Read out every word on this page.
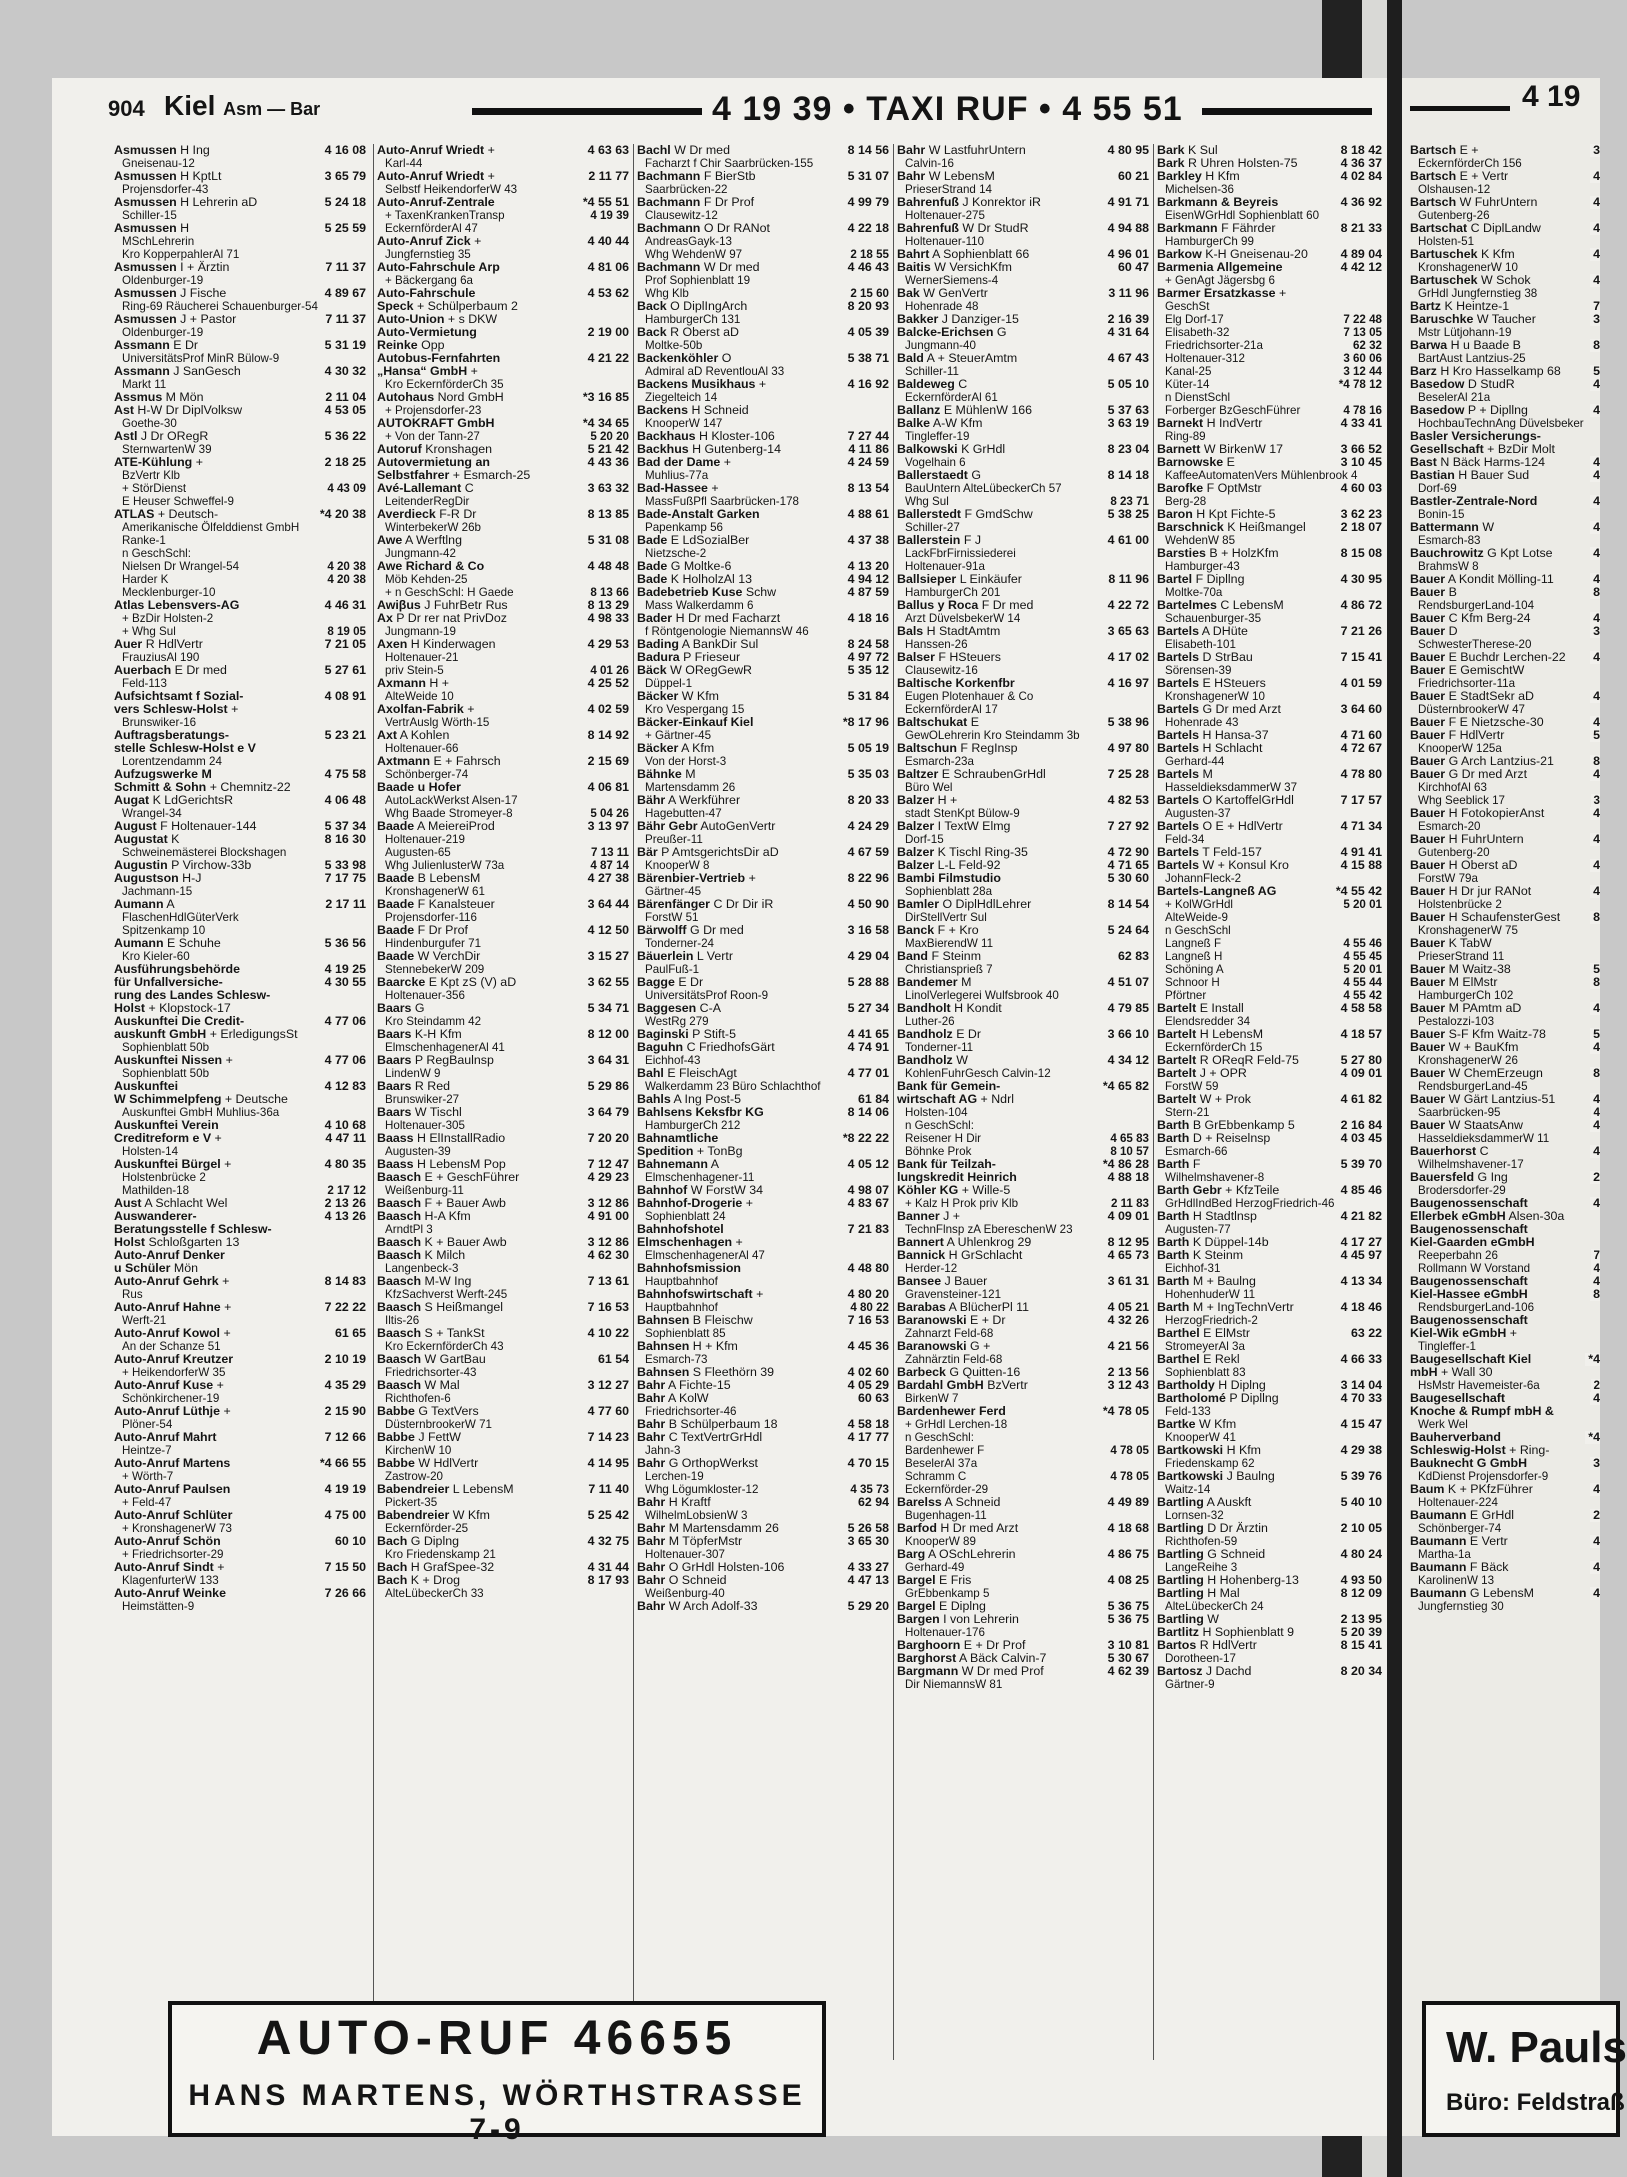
904 Kiel Asm — Bar	4 19 39 • TAXI RUF • 4 55 51
Asmussen H Ing	4 16 08
Gneisenau-12
Asmussen H KptLt	3 65 79
Projensdorfer-43
Asmussen H Lehrerin aD	5 24 18
Schiller-15
Asmussen H	5 25 59
MSchLehrerin
Kro KopperpahlerAl 71
Asmussen I + Ärztin	7 11 37
Oldenburger-19
Asmussen J Fische	4 89 67
Ring-69 Räucherei Schauenburger-54
Asmussen J + Pastor	7 11 37
Oldenburger-19
Assmann E Dr	5 31 19
UniversitätsProf MinR Bülow-9
Assmann J SanGesch	4 30 32
Markt 11
Assmus M Mön	2 11 04
Ast H-W Dr DiplVolksw	4 53 05
Goethe-30
Astl J Dr ORegR	5 36 22
SternwartenW 39
ATE-Kühlung +	2 18 25
BzVertr Klb
+ StörDienst	4 43 09
E Heuser Schweffel-9
ATLAS + Deutsch-	*4 20 38
Amerikanische Ölfelddienst GmbH
Ranke-1
n GeschSchl:
Nielsen Dr Wrangel-54	4 20 38
Harder K	4 20 38
Mecklenburger-10
Atlas Lebensvers-AG	4 46 31
+ BzDir Holsten-2
+ Whg Sul	8 19 05
Auer R HdlVertr	7 21 05
FrauziusAl 190
Auerbach E Dr med	5 27 61
Feld-113
Aufsichtsamt f Sozial-	4 08 91
vers Schlesw-Holst +
Brunswiker-16
Auftragsberatungs-	5 23 21
stelle Schlesw-Holst e V
Lorentzendamm 24
Aufzugswerke M	4 75 58
Schmitt & Sohn + Chemnitz-22
Augat K LdGerichtsR	4 06 48
Wrangel-34
August F Holtenauer-144	5 37 34
Augustat K	8 16 30
Schweinemästerei Blockshagen
Augustin P Virchow-33b	5 33 98
Augustson H-J	7 17 75
Jachmann-15
Aumann A	2 17 11
FlaschenHdlGüterVerk
Spitzenkamp 10
Aumann E Schuhe	5 36 56
Kro Kieler-60
Ausführungsbehörde	4 19 25
für Unfallversiche-	4 30 55
rung des Landes Schlesw-
Holst + Klopstock-17
Auskunftei Die Credit-	4 77 06
auskunft GmbH + ErledigungsSt
Sophienblatt 50b
Auskunftei Nissen +	4 77 06
Sophienblatt 50b
Auskunftei	4 12 83
W Schimmelpfeng + Deutsche
Auskunftei GmbH Muhlius-36a
Auskunftei Verein	4 10 68
Creditreform e V +	4 47 11
Holsten-14
Auskunftei Bürgel +	4 80 35
Holstenbrücke 2
Mathilden-18	2 17 12
Aust A Schlacht Wel	2 13 26
Auswanderer-	4 13 26
Beratungsstelle f Schlesw-
Holst Schloßgarten 13
Auto-Anruf Denker
u Schüler Mön
Auto-Anruf Gehrk +	8 14 83
Rus
Auto-Anruf Hahne +	7 22 22
Werft-21
Auto-Anruf Kowol +	61 65
An der Schanze 51
Auto-Anruf Kreutzer	2 10 19
+ HeikendorferW 35
Auto-Anruf Kuse +	4 35 29
Schönkirchener-19
Auto-Anruf Lüthje +	2 15 90
Plöner-54
Auto-Anruf Mahrt	7 12 66
Heintze-7
Auto-Anruf Martens	*4 66 55
+ Wörth-7
Auto-Anruf Paulsen	4 19 19
+ Feld-47
Auto-Anruf Schlüter	4 75 00
+ KronshagenerW 73
Auto-Anruf Schön	60 10
+ Friedrichsorter-29
Auto-Anruf Sindt +	7 15 50
KlagenfurterW 133
Auto-Anruf Weinke	7 26 66
Heimstätten-9
Auto-Anruf Wriedt +	4 63 63
Karl-44
Auto-Anruf Wriedt +	2 11 77
Selbstf HeikendorferW 43
Auto-Anruf-Zentrale	*4 55 51
+ TaxenKrankenTransp	4 19 39
EckernförderAl 47
Auto-Anruf Zick +	4 40 44
Jungfernstieg 35
Auto-Fahrschule Arp	4 81 06
+ Bäckergang 6a
Auto-Fahrschule	4 53 62
Speck + Schülperbaum 2
Auto-Union + s DKW
Auto-Vermietung	2 19 00
Reinke Opp
Autobus-Fernfahrten	4 21 22
„Hansa“ GmbH +
Kro EckernförderCh 35
Autohaus Nord GmbH	*3 16 85
+ Projensdorfer-23
AUTOKRAFT GmbH	*4 34 65
+ Von der Tann-27	5 20 20
Autoruf Kronshagen	5 21 42
Autovermietung an	4 43 36
Selbstfahrer + Esmarch-25
Avé-Lallemant C	3 63 32
LeitenderRegDir
Averdieck F-R Dr	8 13 85
WinterbekerW 26b
Awe A Werftlng	5 31 08
Jungmann-42
Awe Richard & Co	4 48 48
Möb Kehden-25
+ n GeschSchl: H Gaede	8 13 66
Awiβus J FuhrBetr Rus	8 13 29
Ax P Dr rer nat PrivDoz	4 98 33
Jungmann-19
Axen H Kinderwagen	4 29 53
Holtenauer-21
priv Stein-5	4 01 26
Axmann H +	4 25 52
AlteWeide 10
Axolfan-Fabrik +	4 02 59
VertrAuslg Wörth-15
Axt A Kohlen	8 14 92
Holtenauer-66
Axtmann E + Fahrsch	2 15 69
Schönberger-74
Baade u Hofer	4 06 81
AutoLackWerkst Alsen-17
Whg Baade Stromeyer-8	5 04 26
Baade A MeiereiProd	3 13 97
Holtenauer-219
Augusten-65	7 13 11
Whg JulienlusterW 73a	4 87 14
Baade B LebensM	4 27 38
KronshagenerW 61
Baade F Kanalsteuer	3 64 44
Projensdorfer-116
Baade F Dr Prof	4 12 50
Hindenburgufer 71
Baade W VerchDir	3 15 27
StennebekerW 209
Baarcke E Kpt zS (V) aD	3 62 55
Holtenauer-356
Baars G	5 34 71
Kro Steindamm 42
Baars K-H Kfm	8 12 00
ElmschenhagenerAl 41
Baars P RegBaulnsp	3 64 31
LindenW 9
Baars R Red	5 29 86
Brunswiker-27
Baars W Tischl	3 64 79
Holtenauer-305
Baass H ElInstallRadio	7 20 20
Augusten-39
Baass H LebensM Pop	7 12 47
Baasch E + GeschFührer	4 29 23
Weißenburg-11
Baasch F + Bauer Awb	3 12 86
Baasch H-A Kfm	4 91 00
ArndtPl 3
Baasch K + Bauer Awb	3 12 86
Baasch K Milch	4 62 30
Langenbeck-3
Baasch M-W Ing	7 13 61
KfzSachverst Werft-245
Baasch S Heißmangel	7 16 53
Iltis-26
Baasch S + TankSt	4 10 22
Kro EckernförderCh 43
Baasch W GartBau	61 54
Friedrichsorter-43
Baasch W Mal	3 12 27
Richthofen-6
Babbe G TextVers	4 77 60
DüsternbrookerW 71
Babbe J FettW	7 14 23
KirchenW 10
Babbe W HdlVertr	4 14 95
Zastrow-20
Babendreier L LebensM	7 11 40
Pickert-35
Babendreier W Kfm	5 25 42
Eckernförder-25
Bach G Diplng	4 32 75
Kro Friedenskamp 21
Bach H GrafSpee-32	4 31 44
Bach K + Drog	8 17 93
AlteLübeckerCh 33
Bachl W Dr med	8 14 56
Facharzt f Chir Saarbrücken-155
Bachmann F BierStb	5 31 07
Saarbrücken-22
Bachmann F Dr Prof	4 99 79
Clausewitz-12
Bachmann O Dr RANot	4 22 18
AndreasGayk-13
Whg WehdenW 97	2 18 55
Bachmann W Dr med	4 46 43
Prof Sophienblatt 19
Whg Klb	2 15 60
Back O DiplIngArch	8 20 93
HamburgerCh 131
Back R Oberst aD	4 05 39
Moltke-50b
Backenköhler O	5 38 71
Admiral aD ReventlouAl 33
Backens Musikhaus +	4 16 92
Ziegelteich 14
Backens H Schneid
KnooperW 147
Backhaus H Kloster-106	7 27 44
Backhus H Gutenberg-14	4 11 86
Bad der Dame +	4 24 59
Muhlius-77a
Bad-Hassee +	8 13 54
MassFußPfl Saarbrücken-178
Bade-Anstalt Garken	4 88 61
Papenkamp 56
Bade E LdSozialBer	4 37 38
Nietzsche-2
Bade G Moltke-6	4 13 20
Bade K HolholzAl 13	4 94 12
Badebetrieb Kuse Schw	4 87 59
Mass Walkerdamm 6
Bader H Dr med Facharzt	4 18 16
f Röntgenologie NiemannsW 46
Bading A BankDir Sul	8 24 58
Badura P Frieseur	4 97 72
Bäck W ORegGewR	5 35 12
Düppel-1
Bäcker W Kfm	5 31 84
Kro Vespergang 15
Bäcker-Einkauf Kiel	*8 17 96
+ Gärtner-45
Bäcker A Kfm	5 05 19
Von der Horst-3
Bähnke M	5 35 03
Martensdamm 26
Bähr A Werkführer	8 20 33
Hagebutten-47
Bähr Gebr AutoGenVertr	4 24 29
Preußer-11
Bär P AmtsgerichtsDir aD	4 67 59
KnooperW 8
Bärenbier-Vertrieb +	8 22 96
Gärtner-45
Bärenfänger C Dr Dir iR	4 50 90
ForstW 51
Bärwolff G Dr med	3 16 58
Tonderner-24
Bäuerlein L Vertr	4 29 04
PaulFuß-1
Bagge E Dr	5 28 88
UniversitätsProf Roon-9
Baggesen C-A	5 27 34
WestRg 279
Baginski P Stift-5	4 41 65
Baguhn C FriedhofsGärt	4 74 91
Eichhof-43
Bahl E FleischAgt	4 77 01
Walkerdamm 23 Büro Schlachthof
Bahls A Ing Post-5	61 84
Bahlsens Keksfbr KG	8 14 06
HamburgerCh 212
Bahnamtliche	*8 22 22
Spedition + TonBg
Bahnemann A	4 05 12
Elmschenhagener-11
Bahnhof W ForstW 34	4 98 07
Bahnhof-Drogerie +	4 83 67
Sophienblatt 24
Bahnhofshotel	7 21 83
Elmschenhagen +
ElmschenhagenerAl 47
Bahnhofsmission	4 48 80
Hauptbahnhof
Bahnhofswirtschaft +	4 80 20
Hauptbahnhof	4 80 22
Bahnsen B Fleischw	7 16 53
Sophienblatt 85
Bahnsen H + Kfm	4 45 36
Esmarch-73
Bahnsen S Fleethörn 39	4 02 60
Bahr A Fichte-15	4 05 29
Bahr A KolW	60 63
Friedrichsorter-46
Bahr B Schülperbaum 18	4 58 18
Bahr C TextVertrGrHdl	4 17 77
Jahn-3
Bahr G OrthopWerkst	4 70 15
Lerchen-19
Whg Lögumkloster-12	4 35 73
Bahr H Kraftf	62 94
WilhelmLobsienW 3
Bahr M Martensdamm 26	5 26 58
Bahr M TöpferMstr	3 65 30
Holtenauer-307
Bahr O GrHdl Holsten-106	4 33 27
Bahr O Schneid	4 47 13
Weißenburg-40
Bahr W Arch Adolf-33	5 29 20
Bahr W LastfuhrUntern	4 80 95
Calvin-16
Bahr W LebensM	60 21
PrieserStrand 14
Bahrenfuß J Konrektor iR	4 91 71
Holtenauer-275
Bahrenfuß W Dr StudR	4 94 88
Holtenauer-110
Bahrt A Sophienblatt 66	4 96 01
Baitis W VersichKfm	60 47
WernerSiemens-4
Bak W GenVertr	3 11 96
Hohenrade 48
Bakker J Danziger-15	2 16 39
Balcke-Erichsen G	4 31 64
Jungmann-40
Bald A + SteuerAmtm	4 67 43
Schiller-11
Baldeweg C	5 05 10
EckernförderAl 61
Ballanz E MühlenW 166	5 37 63
Balke A-W Kfm	3 63 19
Tingleffer-19
Balkowski K GrHdl	8 23 04
Vogelhain 6
Ballerstaedt G	8 14 18
BauUntern AlteLübeckerCh 57
Whg Sul	8 23 71
Ballerstedt F GmdSchw	5 38 25
Schiller-27
Ballerstein F J	4 61 00
LackFbrFirnissiederei
Holtenauer-91a
Ballsieper L Einkäufer	8 11 96
HamburgerCh 201
Ballus y Roca F Dr med	4 22 72
Arzt DüvelsbekerW 14
Bals H StadtAmtm	3 65 63
Hanssen-26
Balser F HSteuers	4 17 02
Clausewitz-16
Baltische Korkenfbr	4 16 97
Eugen Plotenhauer & Co
EckernförderAl 17
Baltschukat E	5 38 96
GewOLehrerin Kro Steindamm 3b
Baltschun F RegInsp	4 97 80
Esmarch-23a
Baltzer E SchraubenGrHdl	7 25 28
Büro Wel
Balzer H +	4 82 53
stadt StenKpt Bülow-9
Balzer I TextW Elmg	7 27 92
Dorf-15
Balzer K Tischl Ring-35	4 72 90
Balzer L-L Feld-92	4 71 65
Bambi Filmstudio	5 30 60
Sophienblatt 28a
Bamler O DiplHdlLehrer	8 14 54
DirStellVertr Sul
Banck F + Kro	5 24 64
MaxBierendW 11
Band F Steinm	62 83
Christiansprieß 7
Bandemer M	4 51 07
LinolVerlegerei Wulfsbrook 40
Bandholt H Kondit	4 79 85
Luther-26
Bandholz E Dr	3 66 10
Tonderner-11
Bandholz W	4 34 12
KohlenFuhrGesch Calvin-12
Bank für Gemein-	*4 65 82
wirtschaft AG + Ndrl
Holsten-104
n GeschSchl:
Reisener H Dir	4 65 83
Böhnke Prok	8 10 57
Bank für Teilzah-	*4 86 28
lungskredit Heinrich	4 88 18
Köhler KG + Wille-5
+ Kalz H Prok priv Klb	2 11 83
Banner J +	4 09 01
TechnFlnsp zA EbereschenW 23
Bannert A Uhlenkrog 29	8 12 95
Bannick H GrSchlacht	4 65 73
Herder-12
Bansee J Bauer	3 61 31
Gravensteiner-121
Barabas A BlücherPl 11	4 05 21
Baranowski E + Dr	4 32 26
Zahnarzt Feld-68
Baranowski G +	4 21 56
Zahnärztin Feld-68
Barbeck G Quitten-16	2 13 56
Bardahl GmbH BzVertr	3 12 43
BirkenW 7
Bardenhewer Ferd	*4 78 05
+ GrHdl Lerchen-18
n GeschSchl:
Bardenhewer F	4 78 05
BeselerAl 37a
Schramm C	4 78 05
Eckernförder-29
Barelss A Schneid	4 49 89
Bugenhagen-11
Barfod H Dr med Arzt	4 18 68
KnooperW 89
Barg A OSchLehrerin	4 86 75
Gerhard-49
Bargel E Fris	4 08 25
GrEbbenkamp 5
Bargel E Diplng	5 36 75
Bargen I von Lehrerin	5 36 75
Holtenauer-176
Barghoorn E + Dr Prof	3 10 81
Barghorst A Bäck Calvin-7	5 30 67
Bargmann W Dr med Prof	4 62 39
Dir NiemannsW 81
Bark K Sul	8 18 42
Bark R Uhren Holsten-75	4 36 37
Barkley H Kfm	4 02 84
Michelsen-36
Barkmann & Beyreis	4 36 92
EisenWGrHdl Sophienblatt 60
Barkmann F Fährder	8 21 33
HamburgerCh 99
Barkow K-H Gneisenau-20	4 89 04
Barmenia Allgemeine	4 42 12
+ GenAgt Jägersbg 6
Barmer Ersatzkasse +
GeschSt
Elg Dorf-17	7 22 48
Elisabeth-32	7 13 05
Friedrichsorter-21a	62 32
Holtenauer-312	3 60 06
Kanal-25	3 12 44
Küter-14	*4 78 12
n DienstSchl
Forberger BzGeschFührer	4 78 16
Barnekt H IndVertr	4 33 41
Ring-89
Barnett W BirkenW 17	3 66 52
Barnowske E	3 10 45
KaffeeAutomatenVers Mühlenbrook 4
Barofke F OptMstr	4 60 03
Berg-28
Baron H Kpt Fichte-5	3 62 23
Barschnick K Heißmangel	2 18 07
WehdenW 85
Barsties B + HolzKfm	8 15 08
Hamburger-43
Bartel F Dipllng	4 30 95
Moltke-70a
Bartelmes C LebensM	4 86 72
Schauenburger-35
Bartels A DHüte	7 21 26
Elisabeth-101
Bartels D StrBau	7 15 41
Sörensen-39
Bartels E HSteuers	4 01 59
KronshagenerW 10
Bartels G Dr med Arzt	3 64 60
Hohenrade 43
Bartels H Hansa-37	4 71 60
Bartels H Schlacht	4 72 67
Gerhard-44
Bartels M	4 78 80
HasseldieksdammerW 37
Bartels O KartoffelGrHdl	7 17 57
Augusten-37
Bartels O E + HdlVertr	4 71 34
Feld-34
Bartels T Feld-157	4 91 41
Bartels W + Konsul Kro	4 15 88
JohannFleck-2
Bartels-Langneß AG	*4 55 42
+ KolWGrHdl	5 20 01
AlteWeide-9
n GeschSchl
Langneß F	4 55 46
Langneß H	4 55 45
Schöning A	5 20 01
Schnoor H	4 55 44
Pförtner	4 55 42
Bartelt E Install	4 58 58
Elendsredder 34
Bartelt H LebensM	4 18 57
EckernförderCh 15
Bartelt R OReqR Feld-75	5 27 80
Bartelt J + OPR	4 09 01
ForstW 59
Bartelt W + Prok	4 61 82
Stern-21
Barth B GrEbbenkamp 5	2 16 84
Barth D + Reiselnsp	4 03 45
Esmarch-66
Barth F	5 39 70
Wilhelmshavener-8
Barth Gebr + KfzTeile	4 85 46
GrHdlIndBed HerzogFriedrich-46
Barth H Stadtlnsp	4 21 82
Augusten-77
Barth K Düppel-14b	4 17 27
Barth K Steinm	4 45 97
Eichhof-31
Barth M + Baulng	4 13 34
HohenhuderW 11
Barth M + IngTechnVertr	4 18 46
HerzogFriedrich-2
Barthel E ElMstr	63 22
StromeyerAl 3a
Barthel E Rekl	4 66 33
Sophienblatt 83
Bartholdy H Diplng	3 14 04
Bartholomé P Dipllng	4 70 33
Feld-133
Bartke W Kfm	4 15 47
KnooperW 41
Bartkowski H Kfm	4 29 38
Friedenskamp 62
Bartkowski J Baulng	5 39 76
Waitz-14
Bartling A Auskft	5 40 10
Lornsen-32
Bartling D Dr Ärztin	2 10 05
Richthofen-59
Bartling G Schneid	4 80 24
LangeReihe 3
Bartling H Hohenberg-13	4 93 50
Bartling H Mal	8 12 09
AlteLübeckerCh 24
Bartling W	2 13 95
Bartlitz H Sophienblatt 9	5 20 39
Bartos R HdlVertr	8 15 41
Dorotheen-17
Bartosz J Dachd	8 20 34
Gärtner-9
AUTO-RUF 46655
HANS MARTENS, WÖRTHSTRASSE 7-9
4 19
Bartsch E +	3
EckernförderCh 156
Bartsch E + Vertr	4
Olshausen-12
Bartsch W FuhrUntern	4
Gutenberg-26
Bartschat C DiplLandw	4
Holsten-51
Bartuschek K Kfm	4
KronshagenerW 10
Bartuschek W Schok	4
GrHdl Jungfernstieg 38
Bartz K Heintze-1	7
Baruschke W Taucher	3
Mstr Lütjohann-19
Barwa H u Baade B	8
BartAust Lantzius-25
Barz H Kro Hasselkamp 68	5
Basedow D StudR	4
BeselerAl 21a
Basedow P + Dipllng	4
HochbauTechnAng Düvelsbeker
Basler Versicherungs-
Gesellschaft + BzDir Molt
Bast N Bäck Harms-124	4
Bastian H Bauer Sud	4
Dorf-69
Bastler-Zentrale-Nord	4
Bonin-15
Battermann W	4
Esmarch-83
Bauchrowitz G Kpt Lotse	4
BrahmsW 8
Bauer A Kondit Mölling-11	4
Bauer B	8
RendsburgerLand-104
Bauer C Kfm Berg-24	4
Bauer D	3
SchwesterTherese-20
Bauer E Buchdr Lerchen-22 4
Bauer E GemischtW
Friedrichsorter-11a
Bauer E StadtSekr aD	4
DüsternbrookerW 47
Bauer F E Nietzsche-30	4
Bauer F HdlVertr	5
KnooperW 125a
Bauer G Arch Lantzius-21	8
Bauer G Dr med Arzt	4
KirchhofAl 63
Whg Seeblick 17	3
Bauer H FotokopierAnst	4
Esmarch-20
Bauer H FuhrUntern	4
Gutenberg-20
Bauer H Oberst aD	4
ForstW 79a
Bauer H Dr jur RANot	4
Holstenbrücke 2
Bauer H SchaufensterGest	8
KronshagenerW 75
Bauer K TabW
PrieserStrand 11
Bauer M Waitz-38	5
Bauer M ElMstr	8
HamburgerCh 102
Bauer M PAmtm aD	4
Pestalozzi-103
Bauer S-F Kfm Waitz-78	5
Bauer W + BauKfm	4
KronshagenerW 26
Bauer W ChemErzeugn	8
RendsburgerLand-45
Bauer W Gärt Lantzius-51	4
Saarbrücken-95	4
Bauer W StaatsAnw	4
HasseldieksdammerW 11
Bauerhorst C	4
Wilhelmshavener-17
Bauersfeld G Ing	2
Brodersdorfer-29
Baugenossenschaft	4
Ellerbek eGmbH Alsen-30a
Baugenossenschaft
Kiel-Gaarden eGmbH
Reeperbahn 26	7
Rollmann W Vorstand	4
Baugenossenschaft	4
Kiel-Hassee eGmbH	8
RendsburgerLand-106
Baugenossenschaft
Kiel-Wik eGmbH +
Tingleffer-1
Baugesellschaft Kiel	*4
mbH + Wall 30
HsMstr Havemeister-6a	2
Baugesellschaft	4
Knoche & Rumpf mbH &
Werk Wel
Bauherverband	*4
Schleswig-Holst + Ring-
Bauknecht G GmbH	3
KdDienst Projensdorfer-9
Baum K + PKfzFührer	4
Holtenauer-224
Baumann E GrHdl	2
Schönberger-74
Baumann E Vertr	4
Martha-1a
Baumann F Bäck	4
KarolinenW 13
Baumann G LebensM	4
Jungfernstieg 30
W. Pauls
Büro: Feldstraß
